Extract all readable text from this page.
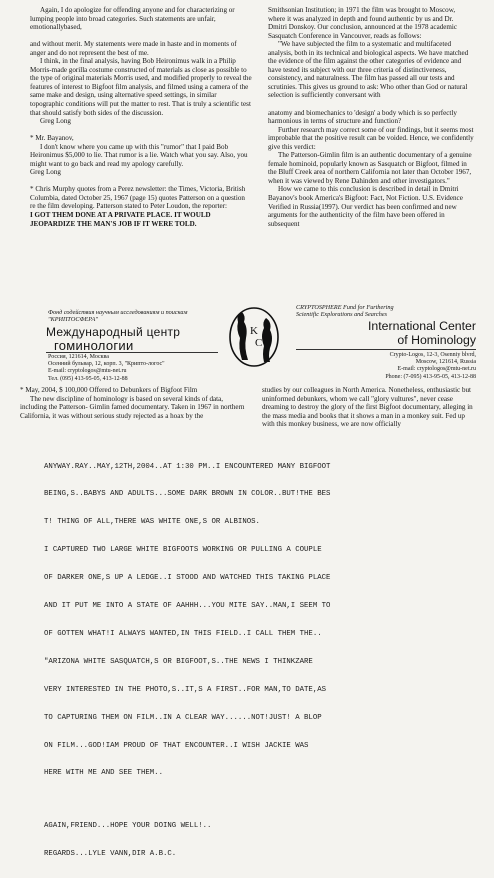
Again, I do apologize for offending anyone and for characterizing or lumping people into broad categories. Such statements are unfair, emotionallybased,

and without merit. My statements were made in haste and in moments of anger and do not represent the best of me.

I think, in the final analysis, having Bob Heironimus walk in a Philip Morris-made gorilla costume constructed of materials as close as possible to the type of original materials Morris used, and modified properly to reveal the features of interest to Bigfoot film analysis, and filmed using a camera of the same make and design, using alternative speed settings, in similar topographic conditions will put the matter to rest. That is truly a scientific test that should satisfy both sides of the discussion.

Greg Long

* Mr. Bayanov,

I don't know where you came up with this "rumor" that I paid Bob Heironimus $5,000 to lie. That rumor is a lie. Watch what you say. Also, you might want to go back and read my apology carefully.

Greg Long

* Chris Murphy quotes from a Perez newsletter: the Times, Victoria, British Columbia, dated October 25, 1967 (page 15) quotes Patterson on a question re the film developing. Patterson stated to Peter Loudon, the reporter:

I GOT THEM DONE AT A PRIVATE PLACE. IT WOULD JEOPARDIZE THE MAN'S JOB IF IT WERE TOLD.

Smithsonian Institution; in 1971 the film was brought to Moscow, where it was analyzed in depth and found authentic by us and Dr. Dmitri Donskoy. Our conclusion, announced at the 1978 academic Sasquatch Conference in Vancouver, reads as follows:

"We have subjected the film to a systematic and multifaceted analysis, both in its technical and biological aspects. We have matched the evidence of the film against the other categories of evidence and have tested its subject with our three criteria of distinctiveness, consistency, and naturalness. The film has passed all our tests and scrutinies. This gives us ground to ask: Who other than God or natural selection is sufficiently conversant with

anatomy and biomechanics to 'design' a body which is so perfectly harmonious in terms of structure and function?

Further research may correct some of our findings, but it seems most improbable that the positive result can be voided. Hence, we confidently give this verdict:

The Patterson-Gimlin film is an authentic documentary of a genuine female hominoid, popularly known as Sasquatch or Bigfoot, filmed in the Bluff Creek area of northern California not later than October 1967, when it was viewed by Rene Dahinden and other investigators."

How we came to this conclusion is described in detail in Dmitri Bayanov's book America's Bigfoot: Fact, Not Fiction. U.S. Evidence Verified in Russia(1997). Our verdict has been confirmed and new arguments for the authenticity of the film have been offered in subsequent

Фонд содействия научным исследованиям и поискам "КРИПТОСФЕРА"
Международный центр
гоминологии
Россия, 121614, Москва
Осенний бульвар, 12, корп. 3, "Крипто-логос"
E-mail: cryptologos@mtu-net.ru
Тел. (095) 413-95-05, 413-12-88
K
C
CRYPTOSPHERE Fund for Furthering
Scientific Explorations and Searches
International Center
of Hominology
Crypto-Logos, 12-3, Osenniy blvrd,
Moscow, 121614, Russia
E-mail: cryptologos@mtu-net.ru
Phone: (7-095) 413-95-05, 413-12-88

* May, 2004, $ 100,000 Offered to Debunkers of Bigfoot Film

The new discipline of hominology is based on several kinds of data, including the Patterson- Gimlin famed documentary. Taken in 1967 in northern California, it was without serious study rejected as a hoax by the

studies by our colleagues in North America. Nonetheless, enthusiastic but uninformed debunkers, whom we call "glory vultures", never cease dreaming to destroy the glory of the first Bigfoot documentary, alleging in the mass media and books that it shows a man in a monkey suit. Fed up with this monkey business, we are now officially

ANYWAY.RAY..MAY,12TH,2004..AT 1:30 PM..I ENCOUNTERED MANY BIGFOOT

BEING,S..BABYS AND ADULTS...SOME DARK BROWN IN COLOR..BUT!THE BES

T! THING OF ALL,THERE WAS WHITE ONE,S OR ALBINOS.

I CAPTURED TWO LARGE WHITE BIGFOOTS WORKING OR PULLING A COUPLE

OF DARKER ONE,S UP A LEDGE..I STOOD AND WATCHED THIS TAKING PLACE

AND IT PUT ME INTO A STATE OF AAHHH...YOU MITE SAY..MAN,I SEEM TO

OF GOTTEN WHAT!I ALWAYS WANTED,IN THIS FIELD..I CALL THEM THE..

"ARIZONA WHITE SASQUATCH,S OR BIGFOOT,S..THE NEWS I THINKZARE

VERY INTERESTED IN THE PHOTO,S..IT,S A FIRST..FOR MAN,TO DATE,AS

TO CAPTURING THEM ON FILM..IN A CLEAR WAY......NOT!JUST! A BLOP

ON FILM...GOD!IAM PROUD OF THAT ENCOUNTER..I WISH JACKIE WAS

HERE WITH ME AND SEE THEM..

AGAIN,FRIEND...HOPE YOUR DOING WELL!..

REGARDS...LYLE VANN,DIR A.B.C.
